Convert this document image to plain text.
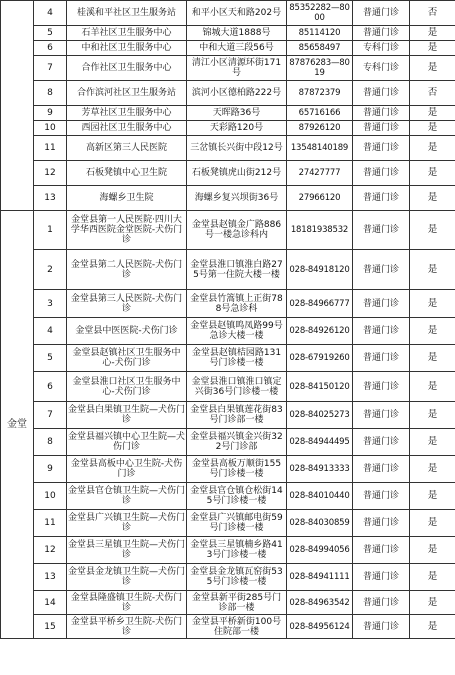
	4	桂溪和平社区卫生服务站	和平小区天和路202号	85352282—8000	普通门诊	否
	5	石羊社区卫生服务中心	锦城大道1888号	85114120	普通门诊	是
	6	中和社区卫生服务中心	中和大道三段56号	85658497	专科门诊	是
	7	合作社区卫生服务中心	清江小区清源环街171号	87876283—8019	专科门诊	是
	8	合作滨河社区卫生服务站	滨河小区德柏路222号	87872379	普通门诊	否
	9	芳草社区卫生服务中心	天晖路36号	65716166	普通门诊	是
	10	西园社区卫生服务中心	天彩路120号	87926120	普通门诊	是
	11	高新区第三人民医院	三岔镇长兴街中段12号	13548140189	普通门诊	是
	12	石板凳镇中心卫生院	石板凳镇虎山街212号	27427777	普通门诊	是
	13	海螺乡卫生院	海螺乡复兴坝街36号	27966120	普通门诊	是
金堂	1	金堂县第一人民医院·四川大学华西医院金堂医院-犬伤门诊	金堂县赵镇金广路886号一楼急诊科内	18181938532	普通门诊	是
	2	金堂县第二人民医院-犬伤门诊	金堂县淮口镇淮白路275号第一住院大楼一楼	028-84918120	普通门诊	是
	3	金堂县第三人民医院-犬伤门诊	金堂县竹篙镇上正街788号急诊科	028-84966777	普通门诊	是
	4	金堂县中医医院-犬伤门诊	金堂县赵镇鸣凤路99号急诊大楼一楼	028-84926120	普通门诊	是
	5	金堂县赵镇社区卫生服务中心-犬伤门诊	金堂县赵镇桔园路131号门诊楼一楼	028-67919260	普通门诊	是
	6	金堂县淮口社区卫生服务中心-犬伤门诊	金堂县淮口镇淮口镇定兴街36号门诊楼一楼	028-84150120	普通门诊	是
	7	金堂县白果镇卫生院—犬伤门诊	金堂县白果镇莲花街83号门诊部一楼	028-84025273	普通门诊	是
	8	金堂县福兴镇中心卫生院—犬伤门诊	金堂县福兴镇金兴街322号门诊部	028-84944495	普通门诊	是
	9	金堂县高板中心卫生院-犬伤门诊	金堂县高板万顺街155号门诊楼一楼	028-84913333	普通门诊	是
	10	金堂县官仓镇卫生院—犬伤门诊	金堂县官仓镇仓松街145号门诊楼一楼	028-84010440	普通门诊	是
	11	金堂县广兴镇卫生院—犬伤门诊	金堂县广兴镇邮电街59号门诊楼一楼	028-84030859	普通门诊	是
	12	金堂县三星镇卫生院—犬伤门诊	金堂县三星镇楠乡路413号门诊楼一楼	028-84994056	普通门诊	是
	13	金堂县金龙镇卫生院—犬伤门诊	金堂县金龙镇瓦窑街535号门诊楼一楼	028-84941111	普通门诊	是
	14	金堂县隆盛镇卫生院-犬伤门诊	金堂县新平街285号门诊部一楼	028-84963542	普通门诊	是
	15	金堂县平桥乡卫生院-犬伤门诊	金堂县平桥新街100号住院部一楼	028-84956124	普通门诊	是
